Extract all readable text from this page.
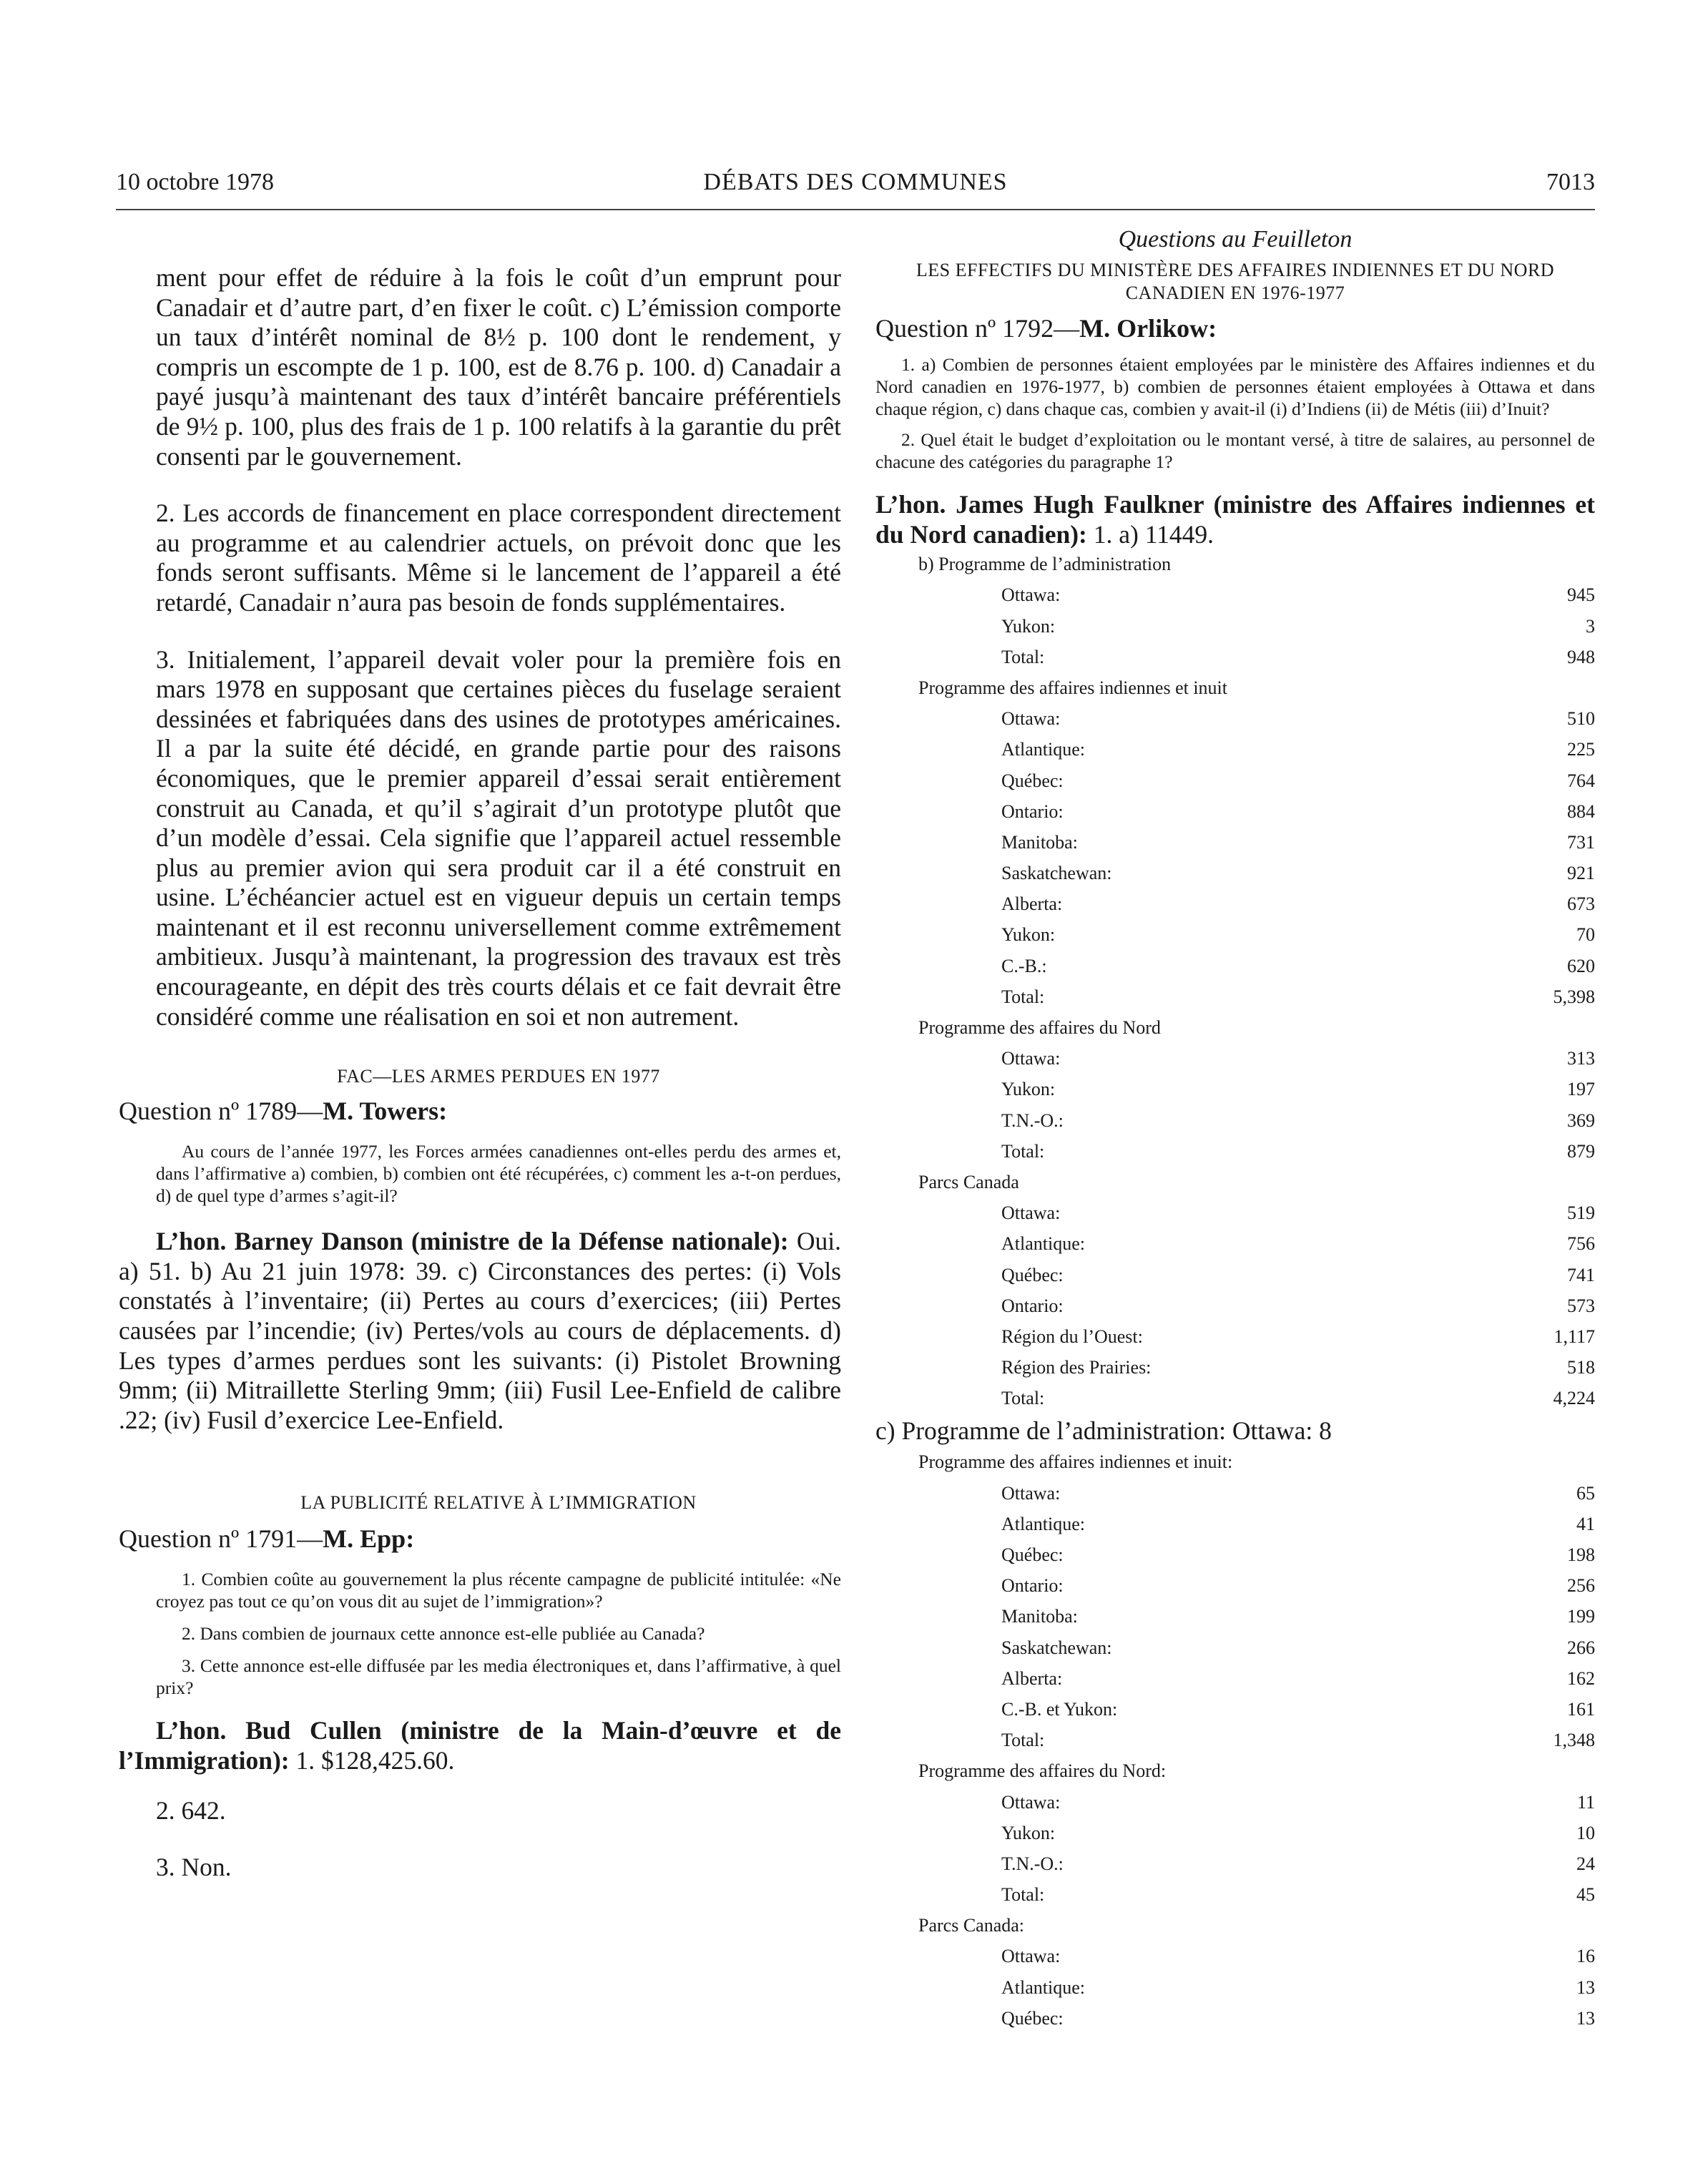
10 octobre 1978	DÉBATS DES COMMUNES	7013

ment pour effet de réduire à la fois le coût d’un emprunt pour Canadair et d’autre part, d’en fixer le coût. c) L’émission comporte un taux d’intérêt nominal de 8½ p. 100 dont le rendement, y compris un escompte de 1 p. 100, est de 8.76 p. 100. d) Canadair a payé jusqu’à maintenant des taux d’intérêt bancaire préférentiels de 9½ p. 100, plus des frais de 1 p. 100 relatifs à la garantie du prêt consenti par le gouvernement.

2. Les accords de financement en place correspondent directement au programme et au calendrier actuels, on prévoit donc que les fonds seront suffisants. Même si le lancement de l’appareil a été retardé, Canadair n’aura pas besoin de fonds supplémentaires.

3. Initialement, l’appareil devait voler pour la première fois en mars 1978 en supposant que certaines pièces du fuselage seraient dessinées et fabriquées dans des usines de prototypes américaines. Il a par la suite été décidé, en grande partie pour des raisons économiques, que le premier appareil d’essai serait entièrement construit au Canada, et qu’il s’agirait d’un prototype plutôt que d’un modèle d’essai. Cela signifie que l’appareil actuel ressemble plus au premier avion qui sera produit car il a été construit en usine. L’échéancier actuel est en vigueur depuis un certain temps maintenant et il est reconnu universellement comme extrêmement ambitieux. Jusqu’à maintenant, la progression des travaux est très encourageante, en dépit des très courts délais et ce fait devrait être considéré comme une réalisation en soi et non autrement.

FAC—LES ARMES PERDUES EN 1977

Question nº 1789—M. Towers:

Au cours de l’année 1977, les Forces armées canadiennes ont-elles perdu des armes et, dans l’affirmative a) combien, b) combien ont été récupérées, c) comment les a-t-on perdues, d) de quel type d’armes s’agit-il?

L’hon. Barney Danson (ministre de la Défense nationale): Oui. a) 51. b) Au 21 juin 1978: 39. c) Circonstances des pertes: (i) Vols constatés à l’inventaire; (ii) Pertes au cours d’exercices; (iii) Pertes causées par l’incendie; (iv) Pertes/vols au cours de déplacements. d) Les types d’armes perdues sont les suivants: (i) Pistolet Browning 9mm; (ii) Mitraillette Sterling 9mm; (iii) Fusil Lee-Enfield de calibre .22; (iv) Fusil d’exercice Lee-Enfield.

LA PUBLICITÉ RELATIVE À L’IMMIGRATION

Question nº 1791—M. Epp:

1. Combien coûte au gouvernement la plus récente campagne de publicité intitulée: «Ne croyez pas tout ce qu’on vous dit au sujet de l’immigration»?

2. Dans combien de journaux cette annonce est-elle publiée au Canada?

3. Cette annonce est-elle diffusée par les media électroniques et, dans l’affirmative, à quel prix?

L’hon. Bud Cullen (ministre de la Main-d’œuvre et de l’Immigration): 1. $128,425.60.

2. 642.

3. Non.

Questions au Feuilleton

LES EFFECTIFS DU MINISTÈRE DES AFFAIRES INDIENNES ET DU NORD CANADIEN EN 1976-1977

Question nº 1792—M. Orlikow:

1. a) Combien de personnes étaient employées par le ministère des Affaires indiennes et du Nord canadien en 1976-1977, b) combien de personnes étaient employées à Ottawa et dans chaque région, c) dans chaque cas, combien y avait-il (i) d’Indiens (ii) de Métis (iii) d’Inuit?

2. Quel était le budget d’exploitation ou le montant versé, à titre de salaires, au personnel de chacune des catégories du paragraphe 1?

L’hon. James Hugh Faulkner (ministre des Affaires indiennes et du Nord canadien): 1. a) 11449.

b) Programme de l’administration
Ottawa:	945
Yukon:	3
Total:	948
Programme des affaires indiennes et inuit
Ottawa:	510
Atlantique:	225
Québec:	764
Ontario:	884
Manitoba:	731
Saskatchewan:	921
Alberta:	673
Yukon:	70
C.-B.:	620
Total:	5,398
Programme des affaires du Nord
Ottawa:	313
Yukon:	197
T.N.-O.:	369
Total:	879
Parcs Canada
Ottawa:	519
Atlantique:	756
Québec:	741
Ontario:	573
Région du l’Ouest:	1,117
Région des Prairies:	518
Total:	4,224
c) Programme de l’administration: Ottawa: 8
Programme des affaires indiennes et inuit:
Ottawa:	65
Atlantique:	41
Québec:	198
Ontario:	256
Manitoba:	199
Saskatchewan:	266
Alberta:	162
C.-B. et Yukon:	161
Total:	1,348
Programme des affaires du Nord:
Ottawa:	11
Yukon:	10
T.N.-O.:	24
Total:	45
Parcs Canada:
Ottawa:	16
Atlantique:	13
Québec:	13
